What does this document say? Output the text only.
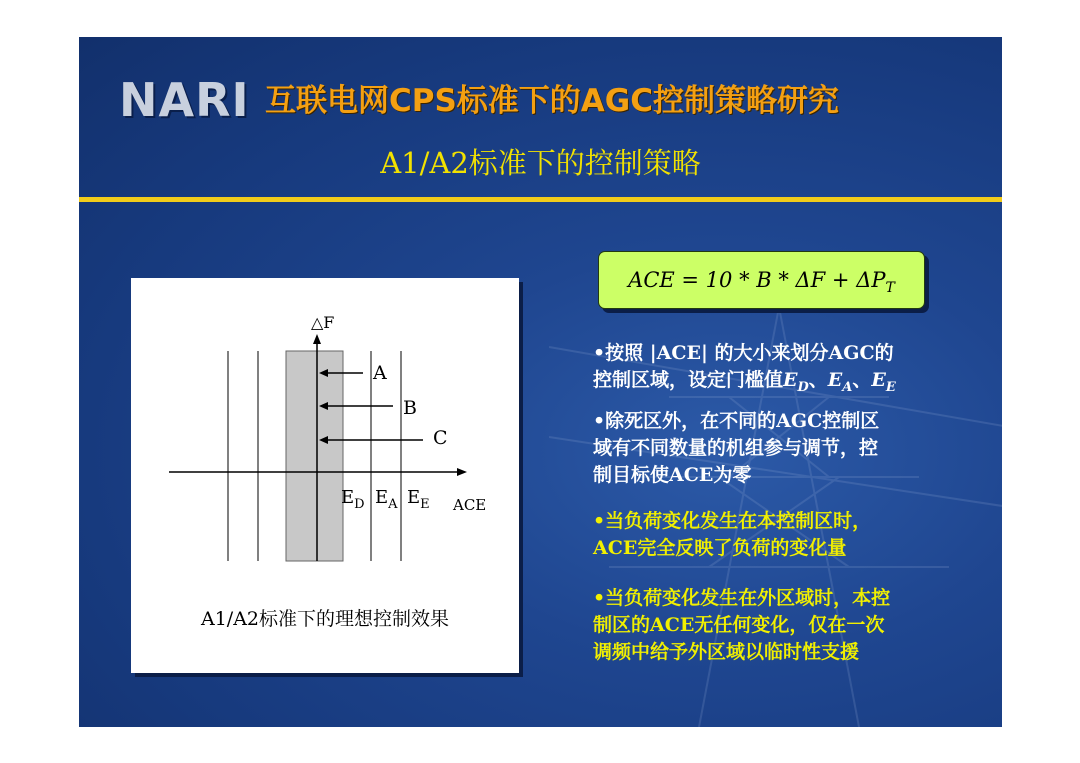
NARI 互联电网CPS标准下的AGC控制策略研究
A1/A2标准下的控制策略
△F
A
B
C
$E_D$ $E_A$ $E_E$ ACE
A1/A2标准下的理想控制效果
ACE = $10 * B * \Delta F + \Delta P_T$
•按照 |ACE| 的大小来划分AGC的
控制区域，设定门槛值$E_D$、$E_A$、$E_E$
•除死区外，在不同的AGC控制区
域有不同数量的机组参与调节，控
制目标使ACE为零
•当负荷变化发生在本控制区时，
ACE完全反映了负荷的变化量
•当负荷变化发生在外区域时，本控
制区的ACE无任何变化，仅在一次
调频中给予外区域以临时性支援
